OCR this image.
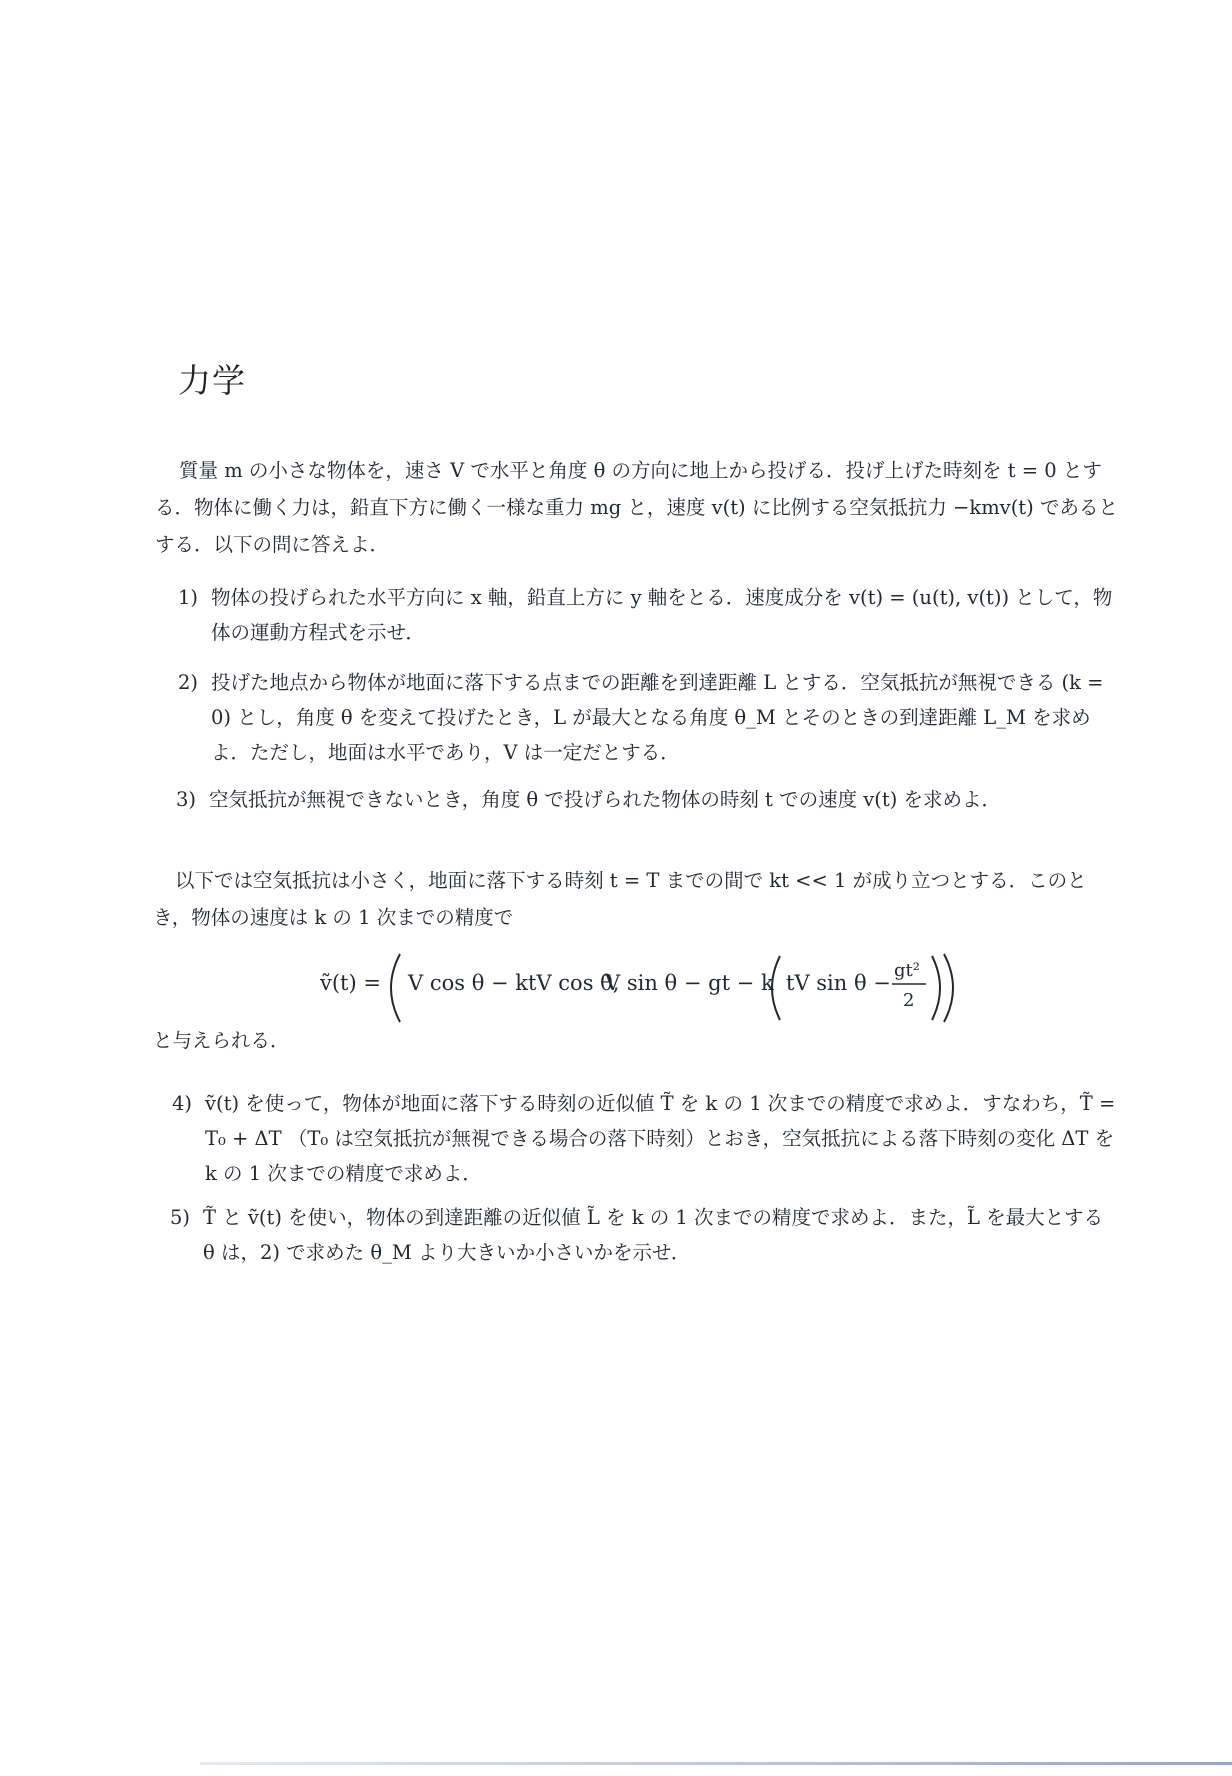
力学
質量 m の小さな物体を，速さ V で水平と角度 θ の方向に地上から投げる．投げ上げた時刻を t = 0 とする．物体に働く力は，鉛直下方に働く一様な重力 mg と，速度 v(t) に比例する空気抵抗力 −kmv(t) であるとする．以下の問に答えよ．
1) 物体の投げられた水平方向に x 軸，鉛直上方に y 軸をとる．速度成分を v(t) = (u(t), v(t)) として，物体の運動方程式を示せ．
2) 投げた地点から物体が地面に落下する点までの距離を到達距離 L とする．空気抵抗が無視できる (k = 0) とし，角度 θ を変えて投げたとき，L が最大となる角度 θ_M とそのときの到達距離 L_M を求めよ．ただし，地面は水平であり，V は一定だとする．
3) 空気抵抗が無視できないとき，角度 θ で投げられた物体の時刻 t での速度 v(t) を求めよ．
以下では空気抵抗は小さく，地面に落下する時刻 t = T までの間で kt << 1 が成り立つとする．このとき，物体の速度は k の 1 次までの精度で
ṽ(t) = V cos θ − ktV cos θ,
V sin θ − gt − k tV sin θ −
gt²
2
と与えられる．
4) ṽ(t) を使って，物体が地面に落下する時刻の近似値 T̃ を k の 1 次までの精度で求めよ．すなわち，T̃ = T₀ + ΔT （T₀ は空気抵抗が無視できる場合の落下時刻）とおき，空気抵抗による落下時刻の変化 ΔT を k の 1 次までの精度で求めよ．
5) T̃ と ṽ(t) を使い，物体の到達距離の近似値 L̃ を k の 1 次までの精度で求めよ．また，L̃ を最大とする θ は，2) で求めた θ_M より大きいか小さいかを示せ．
